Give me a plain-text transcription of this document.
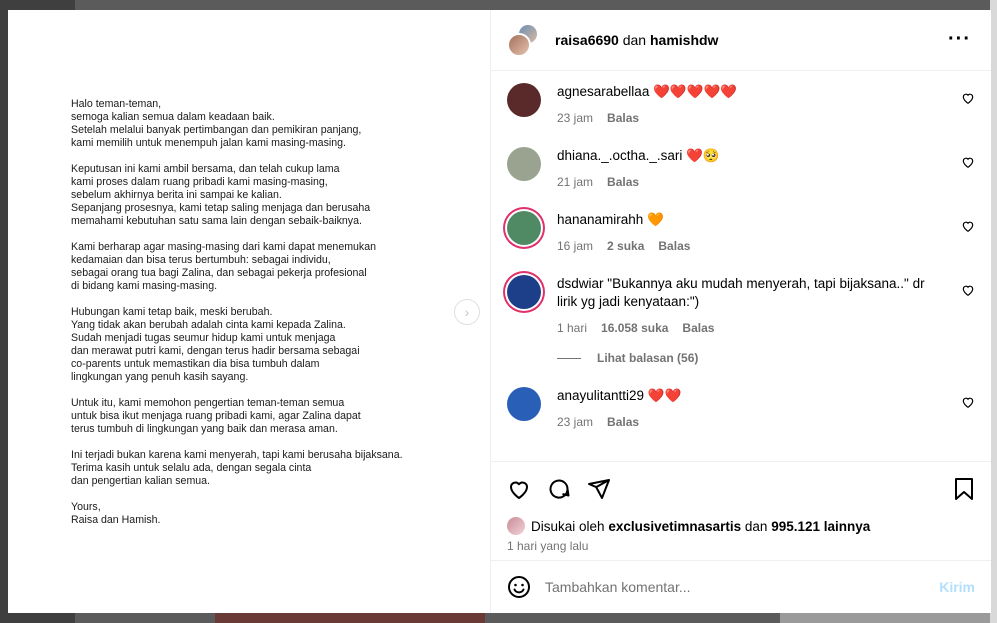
Halo teman-teman,
semoga kalian semua dalam keadaan baik.
Setelah melalui banyak pertimbangan dan pemikiran panjang,
kami memilih untuk menempuh jalan kami masing-masing.

Keputusan ini kami ambil bersama, dan telah cukup lama
kami proses dalam ruang pribadi kami masing-masing,
sebelum akhirnya berita ini sampai ke kalian.
Sepanjang prosesnya, kami tetap saling menjaga dan berusaha
memahami kebutuhan satu sama lain dengan sebaik-baiknya.

Kami berharap agar masing-masing dari kami dapat menemukan
kedamaian dan bisa terus bertumbuh: sebagai individu,
sebagai orang tua bagi Zalina, dan sebagai pekerja profesional
di bidang kami masing-masing.

Hubungan kami tetap baik, meski berubah.
Yang tidak akan berubah adalah cinta kami kepada Zalina.
Sudah menjadi tugas seumur hidup kami untuk menjaga
dan merawat putri kami, dengan terus hadir bersama sebagai
co-parents untuk memastikan dia bisa tumbuh dalam
lingkungan yang penuh kasih sayang.

Untuk itu, kami memohon pengertian teman-teman semua
untuk bisa ikut menjaga ruang pribadi kami, agar Zalina dapat
terus tumbuh di lingkungan yang baik dan merasa aman.

Ini terjadi bukan karena kami menyerah, tapi kami berusaha bijaksana.
Terima kasih untuk selalu ada, dengan segala cinta
dan pengertian kalian semua.

Yours,
Raisa dan Hamish.

›
raisa6690 dan hamishdw	···
agnesarabellaa ❤️❤️❤️❤️❤️
23 jam Balas
dhiana._.octha._.sari ❤️🥺
21 jam Balas
hananamirahh 🧡
16 jam 2 suka Balas
dsdwiar "Bukannya aku mudah menyerah, tapi bijaksana.." dr lirik yg jadi kenyataan:")
1 hari 16.058 suka Balas
Lihat balasan (56)
anayulitantti29 ❤️❤️
23 jam Balas
Disukai oleh
exclusivetimnasartis
dan
995.121 lainnya
1 hari yang lalu
Tambahkan komentar...
Kirim
